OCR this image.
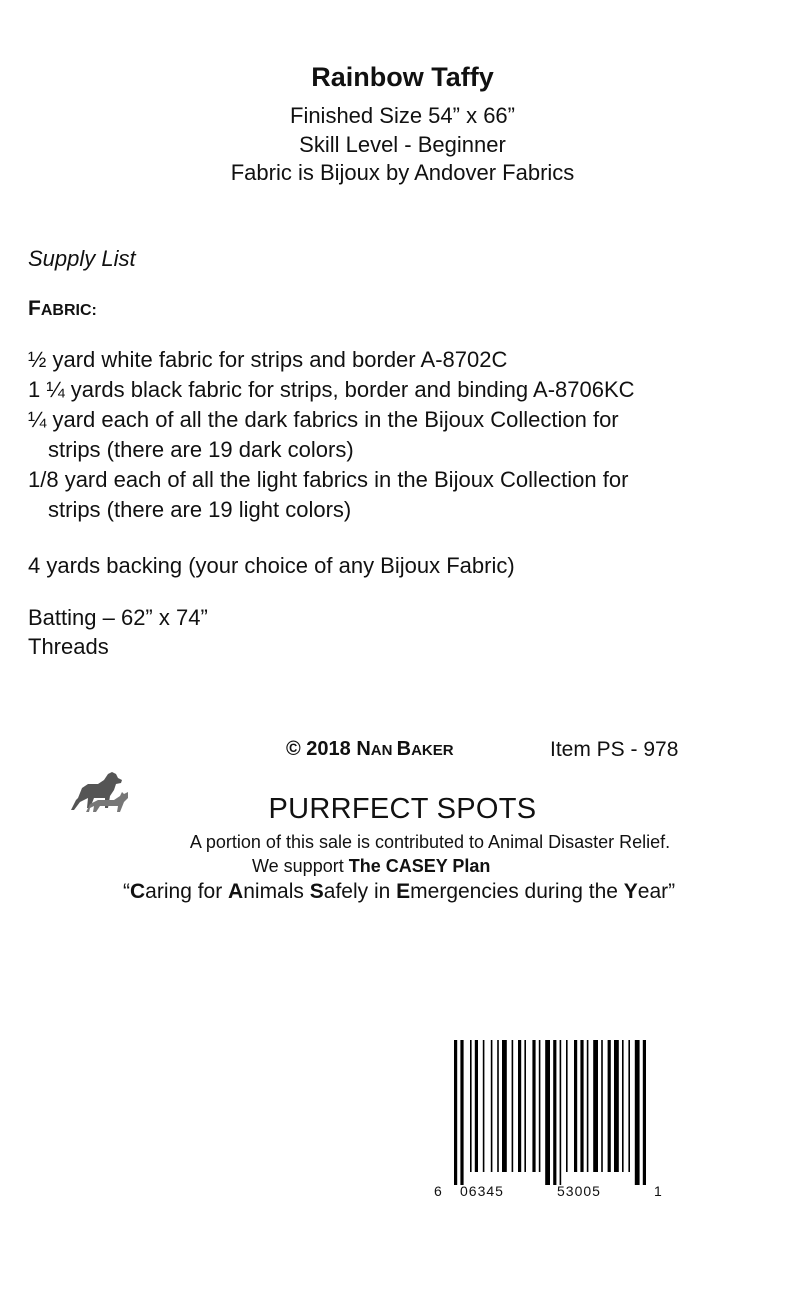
Rainbow Taffy
Finished Size 54” x 66”
Skill Level - Beginner
Fabric is Bijoux by Andover Fabrics
Supply List
FABRIC:

½ yard white fabric for strips and border A-8702C

1 ¼ yards black fabric for strips, border and binding A-8706KC

¼ yard each of all the dark fabrics in the Bijoux Collection for

strips (there are 19 dark colors)

1/8 yard each of all the light fabrics in the Bijoux Collection for

strips (there are 19 light colors)

4 yards backing (your choice of any Bijoux Fabric)
Batting – 62” x 74”
Threads
© 2018 NAN BAKER	Item PS - 978
PURRFECT SPOTS
A portion of this sale is contributed to Animal Disaster Relief.
We support The CASEY Plan
“Caring for Animals Safely in Emergencies during the Year”
6 06345	53005	1
